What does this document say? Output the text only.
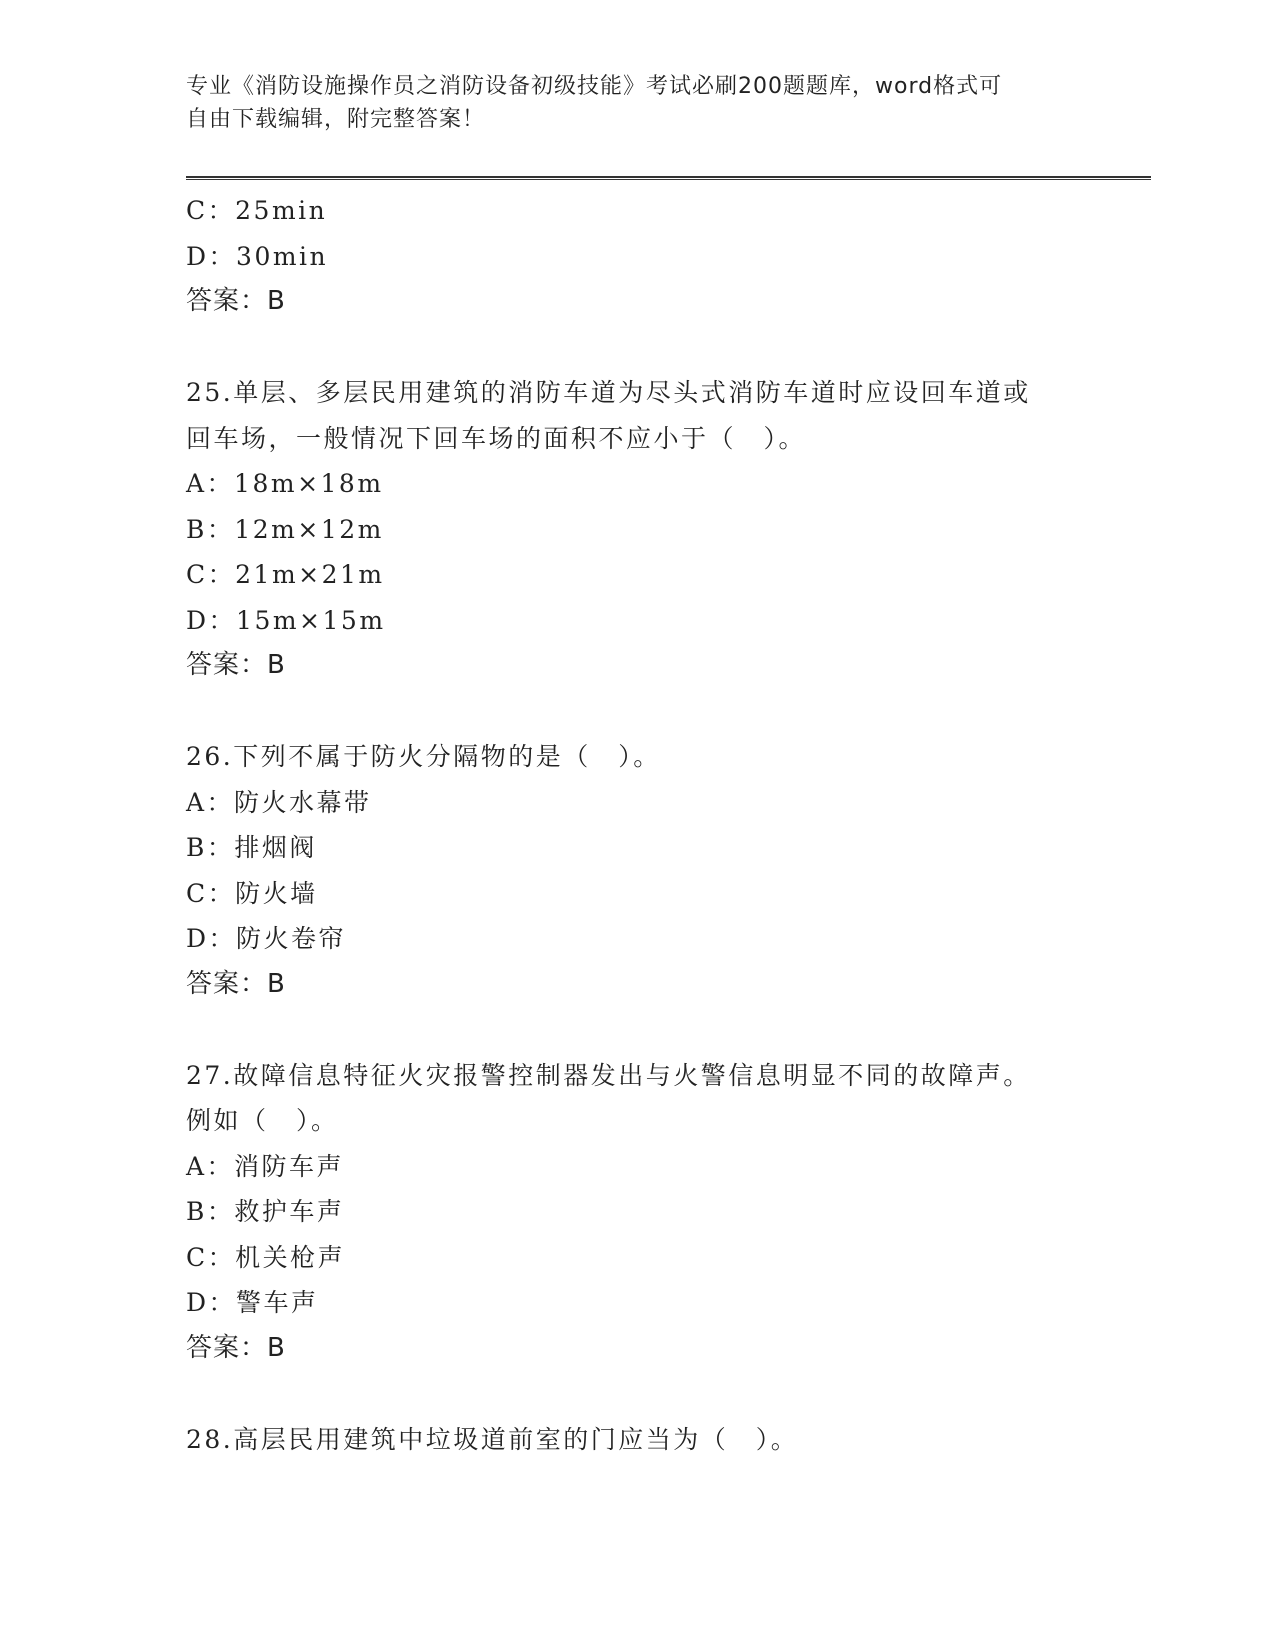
专业《消防设施操作员之消防设备初级技能》考试必刷200题题库，word格式可
自由下载编辑，附完整答案！
C：25min
D：30min
答案：B
25.单层、多层民用建筑的消防车道为尽头式消防车道时应设回车道或
回车场，一般情况下回车场的面积不应小于（　）。
A：18m×18m
B：12m×12m
C：21m×21m
D：15m×15m
答案：B
26.下列不属于防火分隔物的是（　）。
A：防火水幕带
B：排烟阀
C：防火墙
D：防火卷帘
答案：B
27.故障信息特征火灾报警控制器发出与火警信息明显不同的故障声。
例如（　）。
A：消防车声
B：救护车声
C：机关枪声
D：警车声
答案：B
28.高层民用建筑中垃圾道前室的门应当为（　）。
